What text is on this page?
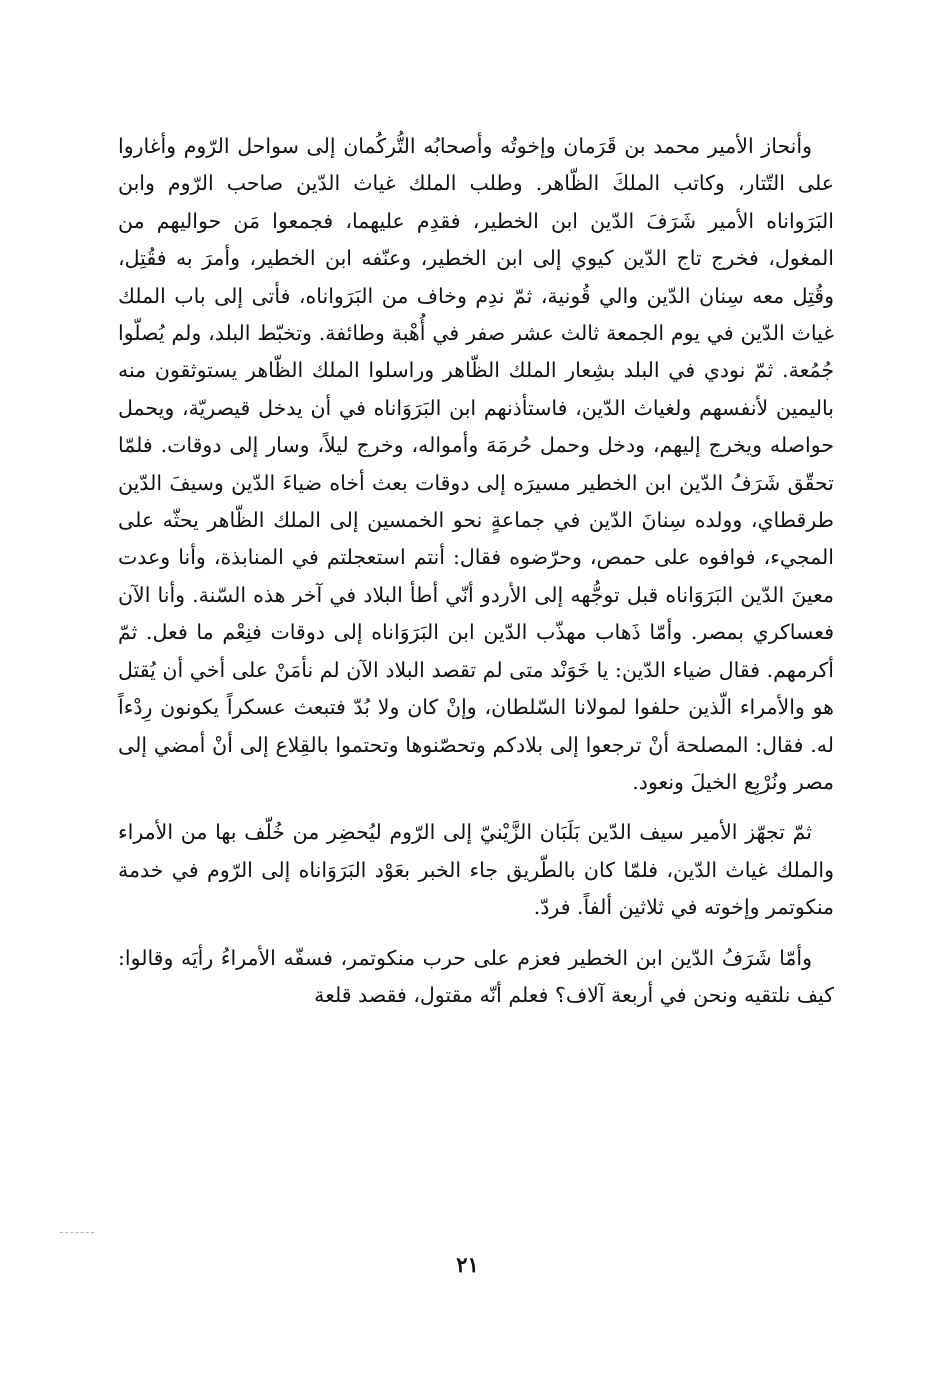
وأنحاز الأمير محمد بن قَرَمان وإخوتُه وأصحابُه التُّركُمان إلى سواحل الرّوم وأغاروا على التّتار، وكاتب الملكَ الظّاهر. وطلب الملك غياث الدّين صاحب الرّوم وابن البَرَواناه الأمير شَرَفَ الدّين ابن الخطير، فقدِم عليهما، فجمعوا مَن حواليهم من المغول، فخرج تاج الدّين كيوي إلى ابن الخطير، وعنّفه ابن الخطير، وأمرَ به فقُتِل، وقُتِل معه سِنان الدّين والي قُونية، ثمّ ندِم وخاف من البَرَواناه، فأتى إلى باب الملك غياث الدّين في يوم الجمعة ثالث عشر صفر في أُهْبة وطائفة. وتخبّط البلد، ولم يُصلّوا جُمُعة. ثمّ نودي في البلد بشِعار الملك الظّاهر وراسلوا الملك الظّاهر يستوثقون منه باليمين لأنفسهم ولغياث الدّين، فاستأذنهم ابن البَرَوَاناه في أن يدخل قيصريّة، ويحمل حواصله ويخرج إليهم، ودخل وحمل حُرمَهَ وأمواله، وخرج ليلاً، وسار إلى دوقات. فلمّا تحقّق شَرَفُ الدّين ابن الخطير مسيرَه إلى دوقات بعث أخاه ضياءَ الدّين وسيفَ الدّين طرقطاي، وولده سِنانَ الدّين في جماعةٍ نحو الخمسين إلى الملك الظّاهر يحثّه على المجيء، فوافوه على حمص، وحرّضوه فقال: أنتم استعجلتم في المنابذة، وأنا وعدت معينَ الدّين البَرَوَاناه قبل توجُّهه إلى الأردو أنّي أطأ البلاد في آخر هذه السّنة. وأنا الآن فعساكري بمصر. وأمّا ذَهاب مهذّب الدّين ابن البَرَوَاناه إلى دوقات فنِعْم ما فعل. ثمّ أكرمهم. فقال ضياء الدّين: يا خَوَنْد متى لم تقصد البلاد الآن لم نأمَنْ على أخي أن يُقتل هو والأمراء الّذين حلفوا لمولانا السّلطان، وإنْ كان ولا بُدّ فتبعث عسكراً يكونون رِدْءاً له. فقال: المصلحة أنْ ترجعوا إلى بلادكم وتحصّنوها وتحتموا بالقِلاع إلى أنْ أمضي إلى مصر ونُرْبِع الخيلَ ونعود.

ثمّ تجهّز الأمير سيف الدّين بَلَبَان الزَّيْنيّ إلى الرّوم ليُحضِر من خُلّف بها من الأمراء والملك غياث الدّين، فلمّا كان بالطّريق جاء الخبر بعَوْد البَرَوَاناه إلى الرّوم في خدمة منكوتمر وإخوته في ثلاثين ألفاً. فردّ.

وأمّا شَرَفُ الدّين ابن الخطير فعزم على حرب منكوتمر، فسفّه الأمراءُ رأيَه وقالوا: كيف نلتقيه ونحن في أربعة آلاف؟ فعلم أنّه مقتول، فقصد قلعة

٢١
